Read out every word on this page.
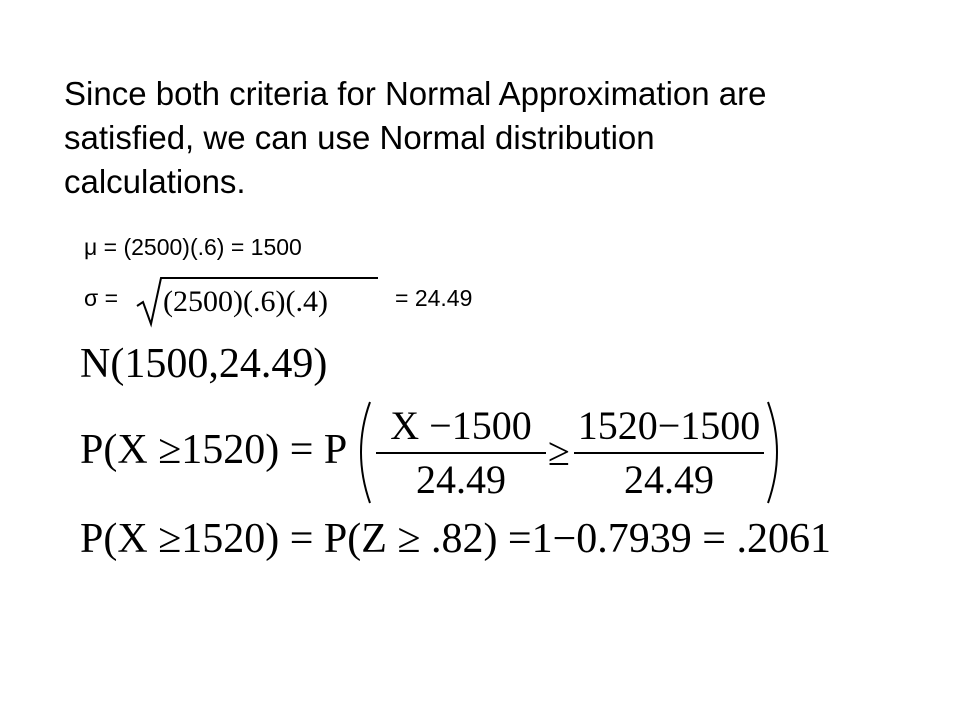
Since both criteria for Normal Approximation are
satisfied, we can use Normal distribution
calculations.
μ = (2500)(.6) = 1500
σ = (2500)(.6)(.4)	= 24.49
N(1500,24.49)
P(X ≥1520) = P
X −1500
24.49
≥
1520−1500
24.49
P(X ≥1520) = P(Z ≥ .82) =1−0.7939 = .2061
